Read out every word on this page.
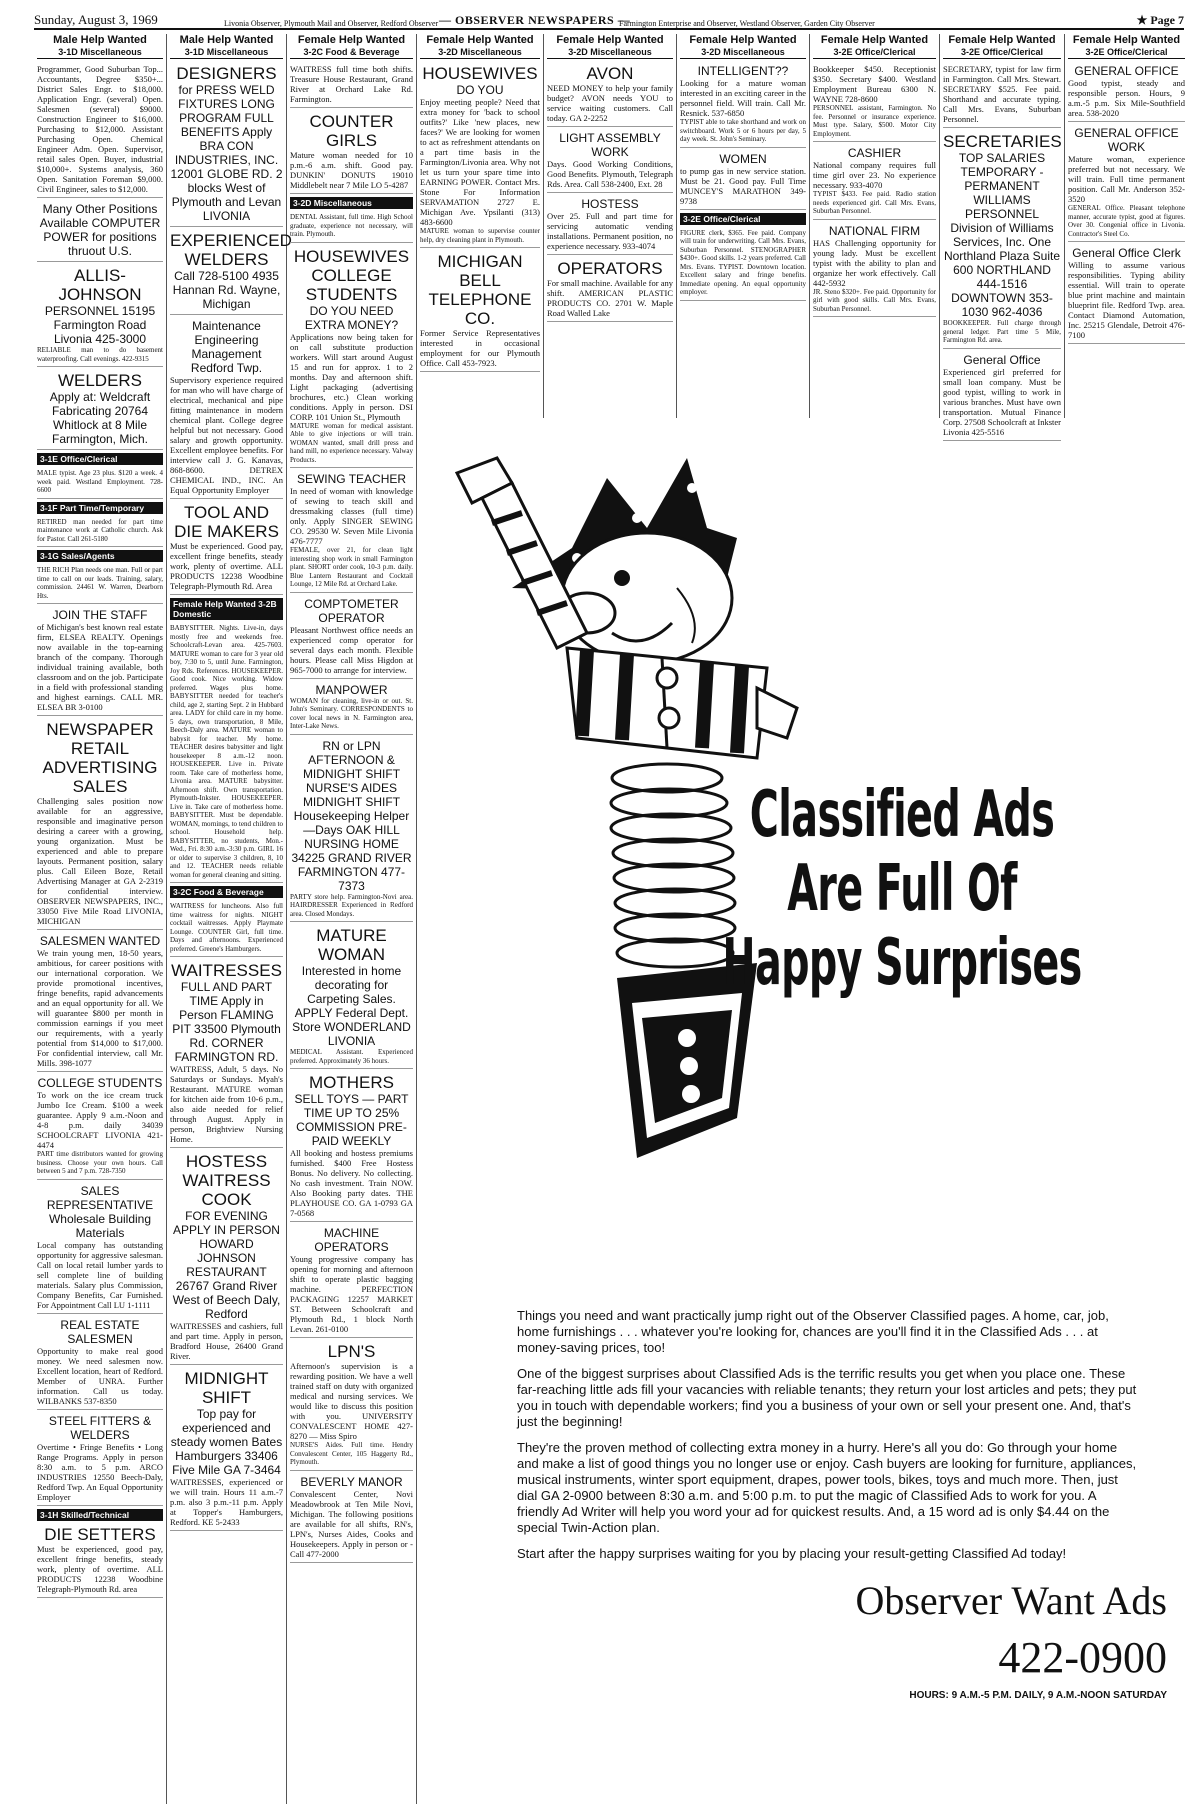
Sunday, August 3, 1969	Livonia Observer, Plymouth Mail and Observer, Redford Observer — OBSERVER NEWSPAPERS —
Farmington Enterprise and Observer, Westland Observer, Garden City Observer	★ Page 7
Male Help Wanted
3-1D Miscellaneous
Programmer, Good Suburban Top... Accountants, Degree $350+... District Sales Engr. to $18,000. Application Engr. (several) Open. Salesmen (several) $9000. Construction Engineer to $16,000. Purchasing to $12,000. Assistant Purchasing Open. Chemical Engineer Adm. Open. Supervisor, retail sales Open. Buyer, industrial $10,000+. Systems analysis, 360 Open. Sanitation Foreman $9,000. Civil Engineer, sales to $12,000.
Many Other Positions Available COMPUTER POWER for positions thruout U.S.
ALLIS-JOHNSON
PERSONNEL 15195 Farmington Road Livonia 425-3000
RELIABLE man to do basement waterproofing. Call evenings. 422-9315
WELDERS
Apply at: Weldcraft Fabricating 20764 Whitlock at 8 Mile Farmington, Mich.
3-1E Office/Clerical
MALE typist. Age 23 plus. $120 a week. 4 week paid. Westland Employment. 728-6600
3-1F Part Time/Temporary
RETIRED man needed for part time maintenance work at Catholic church. Ask for Pastor. Call 261-5180
3-1G Sales/Agents
THE RICH Plan needs one man. Full or part time to call on our leads. Training, salary, commission. 24461 W. Warren, Dearborn Hts.
JOIN THE STAFF
of Michigan's best known real estate firm, ELSEA REALTY. Openings now available in the top-earning branch of the company. Thorough individual training available, both classroom and on the job. Participate in a field with professional standing and highest earnings. CALL MR. ELSEA BR 3-0100
NEWSPAPER RETAIL ADVERTISING SALES
Challenging sales position now available for an aggressive, responsible and imaginative person desiring a career with a growing, young organization. Must be experienced and able to prepare layouts. Permanent position, salary plus. Call Eileen Boze, Retail Advertising Manager at GA 2-2319 for confidential interview. OBSERVER NEWSPAPERS, INC., 33050 Five Mile Road LIVONIA, MICHIGAN
SALESMEN WANTED
We train young men, 18-50 years, ambitious, for career positions with our international corporation. We provide promotional incentives, fringe benefits, rapid advancements and an equal opportunity for all. We will guarantee $800 per month in commission earnings if you meet our requirements, with a yearly potential from $14,000 to $17,000. For confidential interview, call Mr. Mills. 398-1077
COLLEGE STUDENTS
To work on the ice cream truck Jumbo Ice Cream. $100 a week guarantee. Apply 9 a.m.-Noon and 4-8 p.m. daily 34039 SCHOOLCRAFT LIVONIA 421-4474
PART time distributors wanted for growing business. Choose your own hours. Call between 5 and 7 p.m. 728-7350
SALES REPRESENTATIVE Wholesale Building Materials
Local company has outstanding opportunity for aggressive salesman. Call on local retail lumber yards to sell complete line of building materials. Salary plus Commission, Company Benefits, Car Furnished. For Appointment Call LU 1-1111
REAL ESTATE SALESMEN
Opportunity to make real good money. We need salesmen now. Excellent location, heart of Redford. Member of UNRA. Further information. Call us today. WILBANKS 537-8350
STEEL FITTERS & WELDERS
Overtime • Fringe Benefits • Long Range Programs. Apply in person 8:30 a.m. to 5 p.m. ARCO INDUSTRIES 12550 Beech-Daly, Redford Twp. An Equal Opportunity Employer
3-1H Skilled/Technical
DIE SETTERS
Must be experienced, good pay, excellent fringe benefits, steady work, plenty of overtime. ALL PRODUCTS 12238 Woodbine Telegraph-Plymouth Rd. area
Male Help Wanted
3-1D Miscellaneous
DESIGNERS
for PRESS WELD FIXTURES LONG PROGRAM FULL BENEFITS Apply BRA CON INDUSTRIES, INC. 12001 GLOBE RD. 2 blocks West of Plymouth and Levan LIVONIA
EXPERIENCED WELDERS
Call 728-5100 4935 Hannan Rd. Wayne, Michigan
Maintenance Engineering Management Redford Twp.
Supervisory experience required for man who will have charge of electrical, mechanical and pipe fitting maintenance in modern chemical plant. College degree helpful but not necessary. Good salary and growth opportunity. Excellent employee benefits. For interview call J. G. Kanavas, 868-8600. DETREX CHEMICAL IND., INC. An Equal Opportunity Employer
TOOL AND DIE MAKERS
Must be experienced. Good pay, excellent fringe benefits, steady work, plenty of overtime. ALL PRODUCTS 12238 Woodbine Telegraph-Plymouth Rd. Area
Female Help Wanted 3-2B Domestic
BABYSITTER. Nights. Live-in, days mostly free and weekends free. Schoolcraft-Levan area. 425-7603. MATURE woman to care for 3 year old boy, 7:30 to 5, until June. Farmington, Joy Rds. References. HOUSEKEEPER. Good cook. Nice working. Widow preferred. Wages plus home. BABYSITTER needed for teacher's child, age 2, starting Sept. 2 in Hubbard area. LADY for child care in my home. 5 days, own transportation, 8 Mile, Beech-Daly area. MATURE woman to babysit for teacher. My home. TEACHER desires babysitter and light housekeeper 8 a.m.-12 noon. HOUSEKEEPER. Live in. Private room. Take care of motherless home, Livonia area. MATURE babysitter. Afternoon shift. Own transportation. Plymouth-Inkster. HOUSEKEEPER. Live in. Take care of motherless home. BABYSITTER. Must be dependable. WOMAN, mornings, to tend children to school. Household help. BABYSITTER, no students, Mon.-Wed., Fri. 8:30 a.m.-3:30 p.m. GIRL 16 or older to supervise 3 children, 8, 10 and 12. TEACHER needs reliable woman for general cleaning and sitting.
3-2C Food & Beverage
WAITRESS for luncheons. Also full time waitress for nights. NIGHT cocktail waitresses. Apply Playmate Lounge. COUNTER Girl, full time. Days and afternoons. Experienced preferred. Greene's Hamburgers.
WAITRESSES
FULL AND PART TIME Apply in Person FLAMING PIT 33500 Plymouth Rd. CORNER FARMINGTON RD.
WAITRESS, Adult, 5 days. No Saturdays or Sundays. Myah's Restaurant. MATURE woman for kitchen aide from 10-6 p.m., also aide needed for relief through August. Apply in person, Brightview Nursing Home.
HOSTESS WAITRESS COOK
FOR EVENING APPLY IN PERSON HOWARD JOHNSON RESTAURANT 26767 Grand River West of Beech Daly, Redford
WAITRESSES and cashiers, full and part time. Apply in person, Bradford House, 26400 Grand River.
MIDNIGHT SHIFT
Top pay for experienced and steady women Bates Hamburgers 33406 Five Mile GA 7-3464
WAITRESSES, experienced or we will train. Hours 11 a.m.-7 p.m. also 3 p.m.-11 p.m. Apply at Topper's Hamburgers, Redford. KE 5-2433
Female Help Wanted
3-2C Food & Beverage
WAITRESS full time both shifts. Treasure House Restaurant, Grand River at Orchard Lake Rd. Farmington.
COUNTER GIRLS
Mature woman needed for 10 p.m.-6 a.m. shift. Good pay. DUNKIN' DONUTS 19010 Middlebelt near 7 Mile LO 5-4287
3-2D Miscellaneous
DENTAL Assistant, full time. High School graduate, experience not necessary, will train. Plymouth.
HOUSEWIVES COLLEGE STUDENTS
DO YOU NEED EXTRA MONEY?
Applications now being taken for on call substitute production workers. Will start around August 15 and run for approx. 1 to 2 months. Day and afternoon shift. Light packaging (advertising brochures, etc.) Clean working conditions. Apply in person. DSI CORP. 101 Union St., Plymouth
MATURE woman for medical assistant. Able to give injections or will train. WOMAN wanted, small drill press and hand mill, no experience necessary. Valway Products.
SEWING TEACHER
In need of woman with knowledge of sewing to teach skill and dressmaking classes (full time) only. Apply SINGER SEWING CO. 29530 W. Seven Mile Livonia 476-7777
FEMALE, over 21, for clean light interesting shop work in small Farmington plant. SHORT order cook, 10-3 p.m. daily. Blue Lantern Restaurant and Cocktail Lounge, 12 Mile Rd. at Orchard Lake.
COMPTOMETER OPERATOR
Pleasant Northwest office needs an experienced comp operator for several days each month. Flexible hours. Please call Miss Higdon at 965-7000 to arrange for interview.
MANPOWER
WOMAN for cleaning, live-in or out. St. John's Seminary. CORRESPONDENTS to cover local news in N. Farmington area, Inter-Lake News.
RN or LPN AFTERNOON & MIDNIGHT SHIFT NURSE'S AIDES MIDNIGHT SHIFT Housekeeping Helper—Days OAK HILL NURSING HOME 34225 GRAND RIVER FARMINGTON 477-7373
PARTY store help. Farmington-Novi area. HAIRDRESSER Experienced in Redford area. Closed Mondays.
MATURE WOMAN
Interested in home decorating for Carpeting Sales. APPLY Federal Dept. Store WONDERLAND LIVONIA
MEDICAL Assistant. Experienced preferred. Approximately 36 hours.
MOTHERS
SELL TOYS — PART TIME UP TO 25% COMMISSION PRE-PAID WEEKLY
All booking and hostess premiums furnished. $400 Free Hostess Bonus. No delivery. No collecting. No cash investment. Train NOW. Also Booking party dates. THE PLAYHOUSE CO. GA 1-0793 GA 7-0568
MACHINE OPERATORS
Young progressive company has opening for morning and afternoon shift to operate plastic bagging machine. PERFECTION PACKAGING 12257 MARKET ST. Between Schoolcraft and Plymouth Rd., 1 block North Levan. 261-0100
LPN'S
Afternoon's supervision is a rewarding position. We have a well trained staff on duty with organized medical and nursing services. We would like to discuss this position with you. UNIVERSITY CONVALESCENT HOME 427-8270 — Miss Spiro
NURSE'S Aides. Full time. Hendry Convalescent Center, 105 Haggerty Rd., Plymouth.
BEVERLY MANOR
Convalescent Center, Novi Meadowbrook at Ten Mile Novi, Michigan. The following positions are available for all shifts, RN's, LPN's, Nurses Aides, Cooks and Housekeepers. Apply in person or -Call 477-2000
Female Help Wanted
3-2D Miscellaneous
HOUSEWIVES
DO YOU
Enjoy meeting people? Need that extra money for 'back to school outfits?' Like 'new places, new faces?' We are looking for women to act as refreshment attendants on a part time basis in the Farmington/Livonia area. Why not let us turn your spare time into EARNING POWER. Contact Mrs. Stone For Information SERVAMATION 2727 E. Michigan Ave. Ypsilanti (313) 483-6600
MATURE woman to supervise counter help, dry cleaning plant in Plymouth.
MICHIGAN BELL TELEPHONE CO.
Former Service Representatives interested in occasional employment for our Plymouth Office. Call 453-7923.
Female Help Wanted
3-2D Miscellaneous
AVON
NEED MONEY to help your family budget? AVON needs YOU to service waiting customers. Call today. GA 2-2252
LIGHT ASSEMBLY WORK
Days. Good Working Conditions, Good Benefits. Plymouth, Telegraph Rds. Area. Call 538-2400, Ext. 28
HOSTESS
Over 25. Full and part time for servicing automatic vending installations. Permanent position, no experience necessary. 933-4074
OPERATORS
For small machine. Available for any shift. AMERICAN PLASTIC PRODUCTS CO. 2701 W. Maple Road Walled Lake
Female Help Wanted
3-2D Miscellaneous
INTELLIGENT??
Looking for a mature woman interested in an exciting career in the personnel field. Will train. Call Mr. Resnick. 537-6850
TYPIST able to take shorthand and work on switchboard. Work 5 or 6 hours per day, 5 day week. St. John's Seminary.
WOMEN
to pump gas in new service station. Must be 21. Good pay. Full Time MUNCEY'S MARATHON 349-9738
3-2E Office/Clerical
FIGURE clerk, $365. Fee paid. Company will train for underwriting. Call Mrs. Evans, Suburban Personnel. STENOGRAPHER $430+. Good skills. 1-2 years preferred. Call Mrs. Evans. TYPIST. Downtown location. Excellent salary and fringe benefits. Immediate opening. An equal opportunity employer.
Female Help Wanted
3-2E Office/Clerical
Bookkeeper $450. Receptionist $350. Secretary $400. Westland Employment Bureau 6300 N. WAYNE 728-8600
PERSONNEL assistant, Farmington. No fee. Personnel or insurance experience. Must type. Salary, $500. Motor City Employment.
CASHIER
National company requires full time girl over 23. No experience necessary. 933-4070
TYPIST $433. Fee paid. Radio station needs experienced girl. Call Mrs. Evans, Suburban Personnel.
NATIONAL FIRM
HAS Challenging opportunity for young lady. Must be excellent typist with the ability to plan and organize her work effectively. Call 442-5932
JR. Steno $320+. Fee paid. Opportunity for girl with good skills. Call Mrs. Evans, Suburban Personnel.
Female Help Wanted
3-2E Office/Clerical
SECRETARY, typist for law firm in Farmington. Call Mrs. Stewart. SECRETARY $525. Fee paid. Shorthand and accurate typing. Call Mrs. Evans, Suburban Personnel.
SECRETARIES
TOP SALARIES TEMPORARY - PERMANENT WILLIAMS PERSONNEL Division of Williams Services, Inc. One Northland Plaza Suite 600 NORTHLAND 444-1516 DOWNTOWN 353-1030 962-4036
BOOKKEEPER. Full charge through general ledger. Part time 5 Mile, Farmington Rd. area.
General Office
Experienced girl preferred for small loan company. Must be good typist, willing to work in various branches. Must have own transportation. Mutual Finance Corp. 27508 Schoolcraft at Inkster Livonia 425-5516
Female Help Wanted
3-2E Office/Clerical
GENERAL OFFICE
Good typist, steady and responsible person. Hours, 9 a.m.-5 p.m. Six Mile-Southfield area. 538-2020
GENERAL OFFICE WORK
Mature woman, experience preferred but not necessary. We will train. Full time permanent position. Call Mr. Anderson 352-3520
GENERAL Office. Pleasant telephone manner, accurate typist, good at figures. Over 30. Congenial office in Livonia. Contractor's Steel Co.
General Office Clerk
Willing to assume various responsibilities. Typing ability essential. Will train to operate blue print machine and maintain blueprint file. Redford Twp. area. Contact Diamond Automation, Inc. 25215 Glendale, Detroit 476-7100
Classified Ads Are Full Of Happy Surprises

Things you need and want practically jump right out of the Observer Classified pages. A home, car, job, home furnishings . . . whatever you're looking for, chances are you'll find it in the Classified Ads . . . at money-saving prices, too!

One of the biggest surprises about Classified Ads is the terrific results you get when you place one. These far-reaching little ads fill your vacancies with reliable tenants; they return your lost articles and pets; they put you in touch with dependable workers; find you a business of your own or sell your present one. And, that's just the beginning!

They're the proven method of collecting extra money in a hurry. Here's all you do: Go through your home and make a list of good things you no longer use or enjoy. Cash buyers are looking for furniture, appliances, musical instruments, winter sport equipment, drapes, power tools, bikes, toys and much more. Then, just dial GA 2-0900 between 8:30 a.m. and 5:00 p.m. to put the magic of Classified Ads to work for you. A friendly Ad Writer will help you word your ad for quickest results. And, a 15 word ad is only $4.44 on the special Twin-Action plan.

Start after the happy surprises waiting for you by placing your result-getting Classified Ad today!

Observer Want Ads
422-0900
HOURS: 9 A.M.-5 P.M. DAILY, 9 A.M.-NOON SATURDAY
